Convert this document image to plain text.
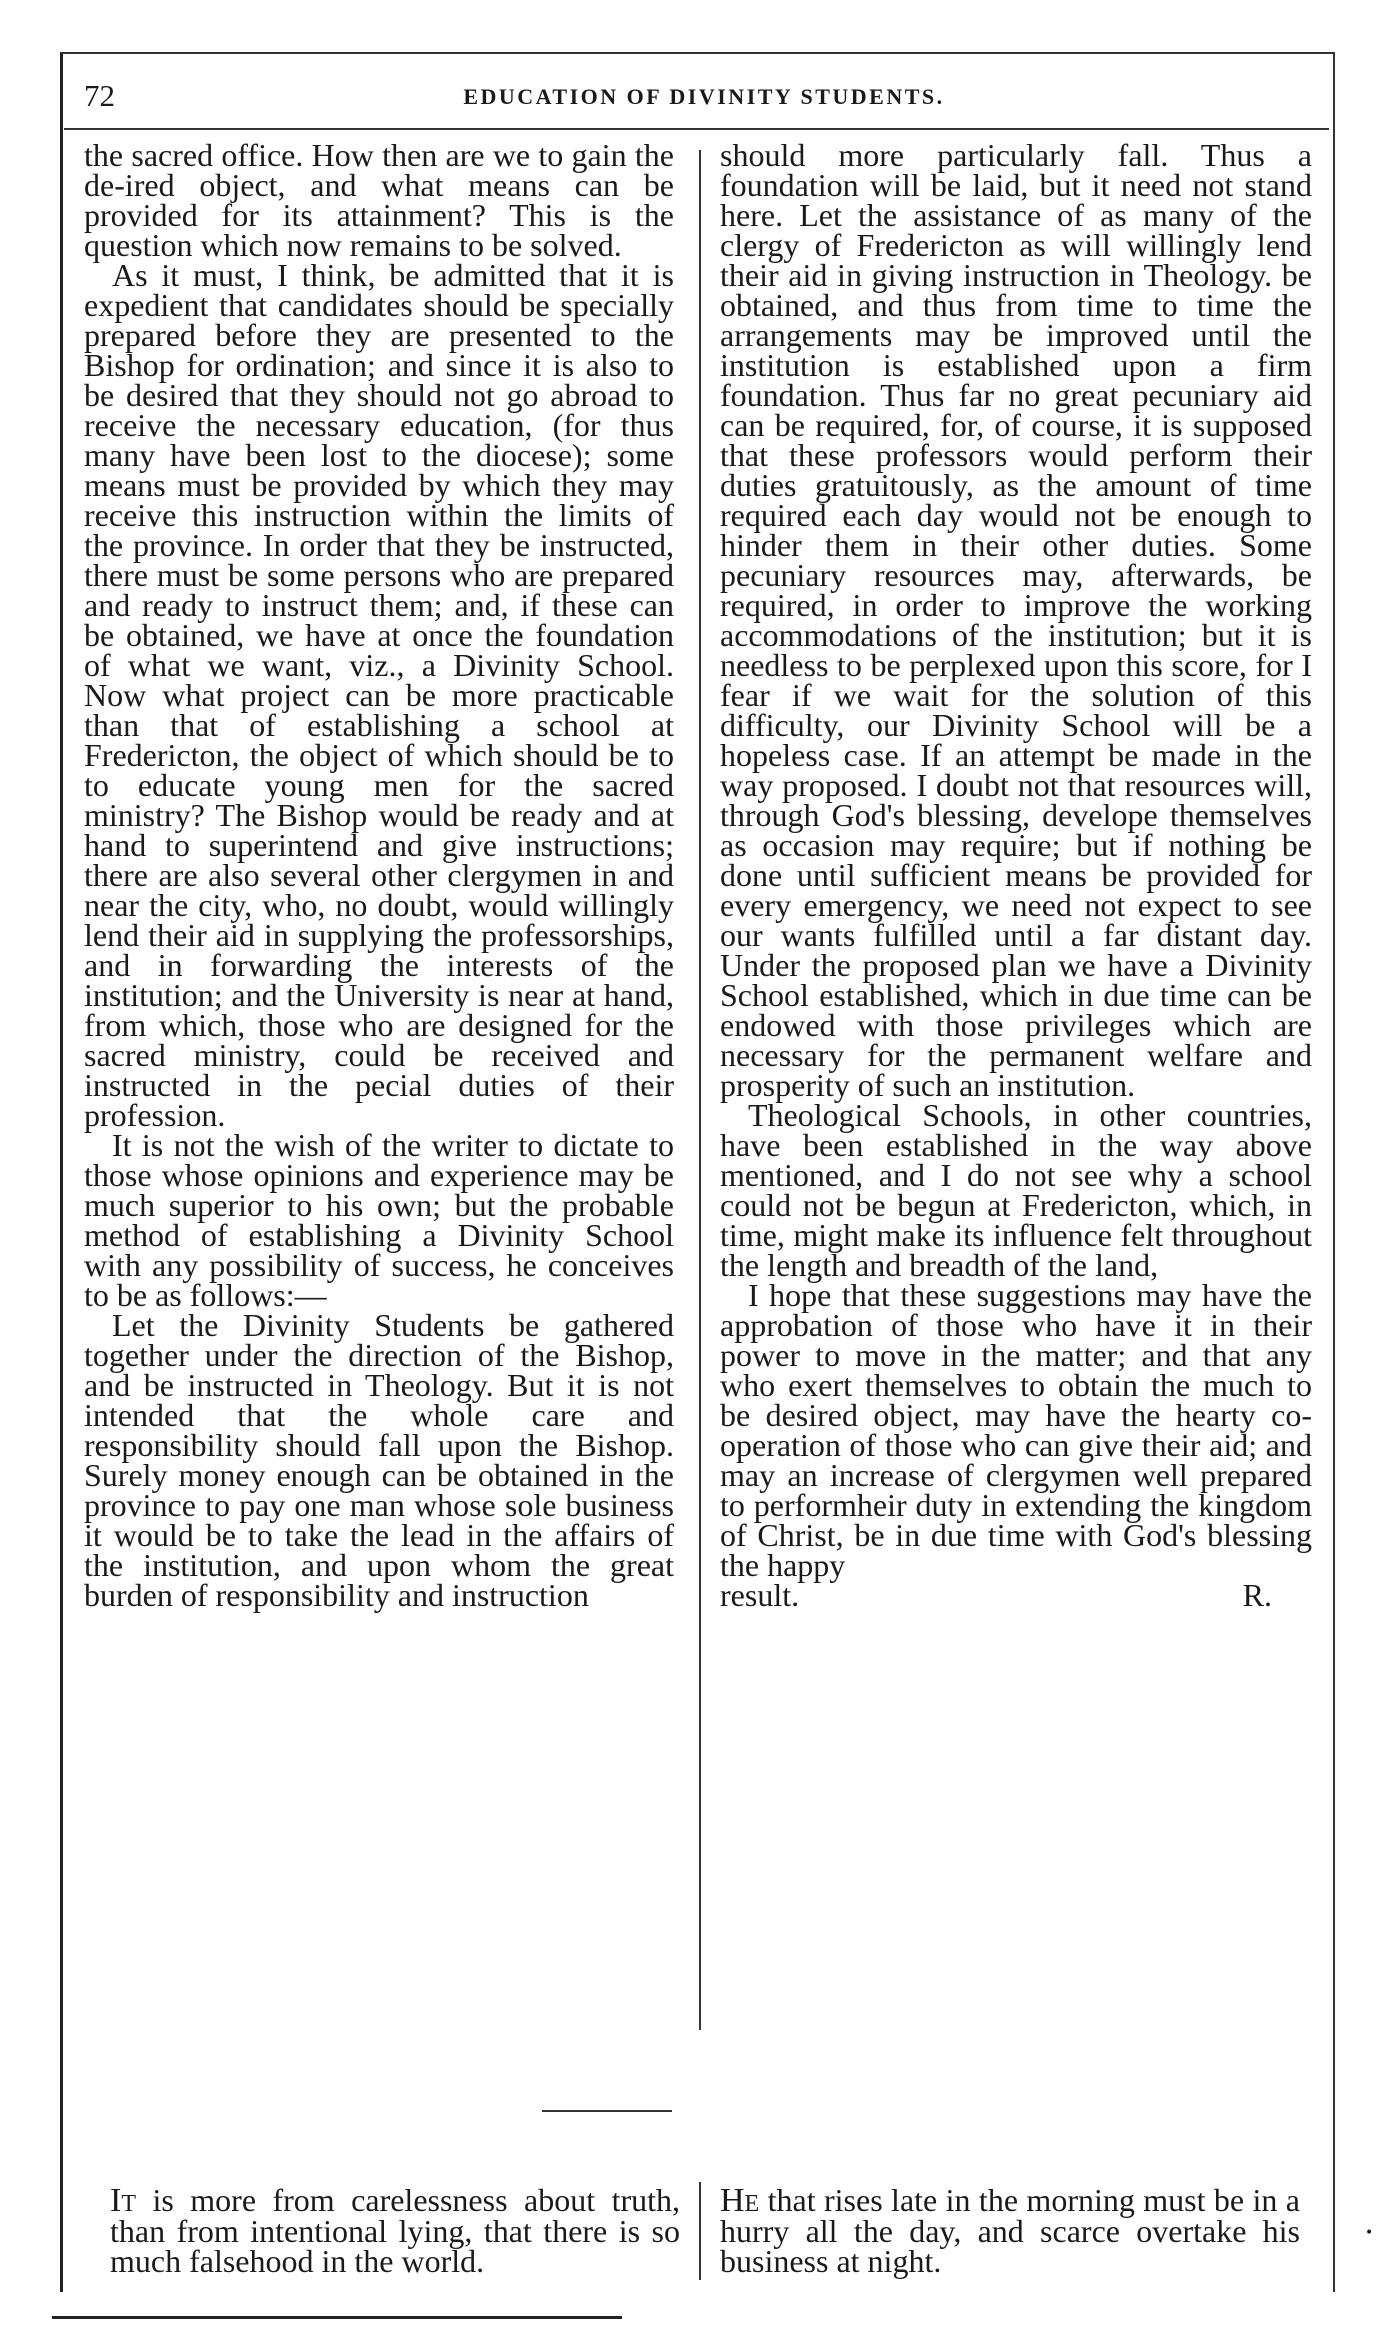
72	EDUCATION OF DIVINITY STUDENTS.

the sacred office. How then are we to gain the de-ired object, and what means can be provided for its attainment? This is the question which now remains to be solved.

As it must, I think, be admitted that it is expedient that candidates should be specially prepared before they are presented to the Bishop for ordination; and since it is also to be desired that they should not go abroad to receive the necessary education, (for thus many have been lost to the diocese); some means must be provided by which they may receive this instruction within the limits of the province. In order that they be instructed, there must be some persons who are prepared and ready to instruct them; and, if these can be obtained, we have at once the foundation of what we want, viz., a Divinity School. Now what project can be more practicable than that of establishing a school at Fredericton, the object of which should be to to educate young men for the sacred ministry? The Bishop would be ready and at hand to superintend and give instructions; there are also several other clergymen in and near the city, who, no doubt, would willingly lend their aid in supplying the professorships, and in forwarding the interests of the institution; and the University is near at hand, from which, those who are designed for the sacred ministry, could be received and instructed in the pecial duties of their profession.

It is not the wish of the writer to dictate to those whose opinions and experience may be much superior to his own; but the probable method of establishing a Divinity School with any possibility of success, he conceives to be as follows:—

Let the Divinity Students be gathered together under the direction of the Bishop, and be instructed in Theology. But it is not intended that the whole care and responsibility should fall upon the Bishop. Surely money enough can be obtained in the province to pay one man whose sole business it would be to take the lead in the affairs of the institution, and upon whom the great burden of responsibility and instruction

should more particularly fall. Thus a foundation will be laid, but it need not stand here. Let the assistance of as many of the clergy of Fredericton as will willingly lend their aid in giving instruction in Theology. be obtained, and thus from time to time the arrangements may be improved until the institution is established upon a firm foundation. Thus far no great pecuniary aid can be required, for, of course, it is supposed that these professors would perform their duties gratuitously, as the amount of time required each day would not be enough to hinder them in their other duties. Some pecuniary resources may, afterwards, be required, in order to improve the working accommodations of the institution; but it is needless to be perplexed upon this score, for I fear if we wait for the solution of this difficulty, our Divinity School will be a hopeless case. If an attempt be made in the way proposed. I doubt not that resources will, through God's blessing, develope themselves as occasion may require; but if nothing be done until sufficient means be provided for every emergency, we need not expect to see our wants fulfilled until a far distant day. Under the proposed plan we have a Divinity School established, which in due time can be endowed with those privileges which are necessary for the permanent welfare and prosperity of such an institution.

Theological Schools, in other countries, have been established in the way above mentioned, and I do not see why a school could not be begun at Fredericton, which, in time, might make its influence felt throughout the length and breadth of the land,

I hope that these suggestions may have the approbation of those who have it in their power to move in the matter; and that any who exert themselves to obtain the much to be desired object, may have the hearty co-operation of those who can give their aid; and may an increase of clergymen well prepared to performheir duty in extending the kingdom of Christ, be in due time with God's blessing the happy

result.	R.
It is more from carelessness about truth, than from intentional lying, that there is so much falsehood in the world.
He that rises late in the morning must be in a hurry all the day, and scarce overtake his business at night.
•
